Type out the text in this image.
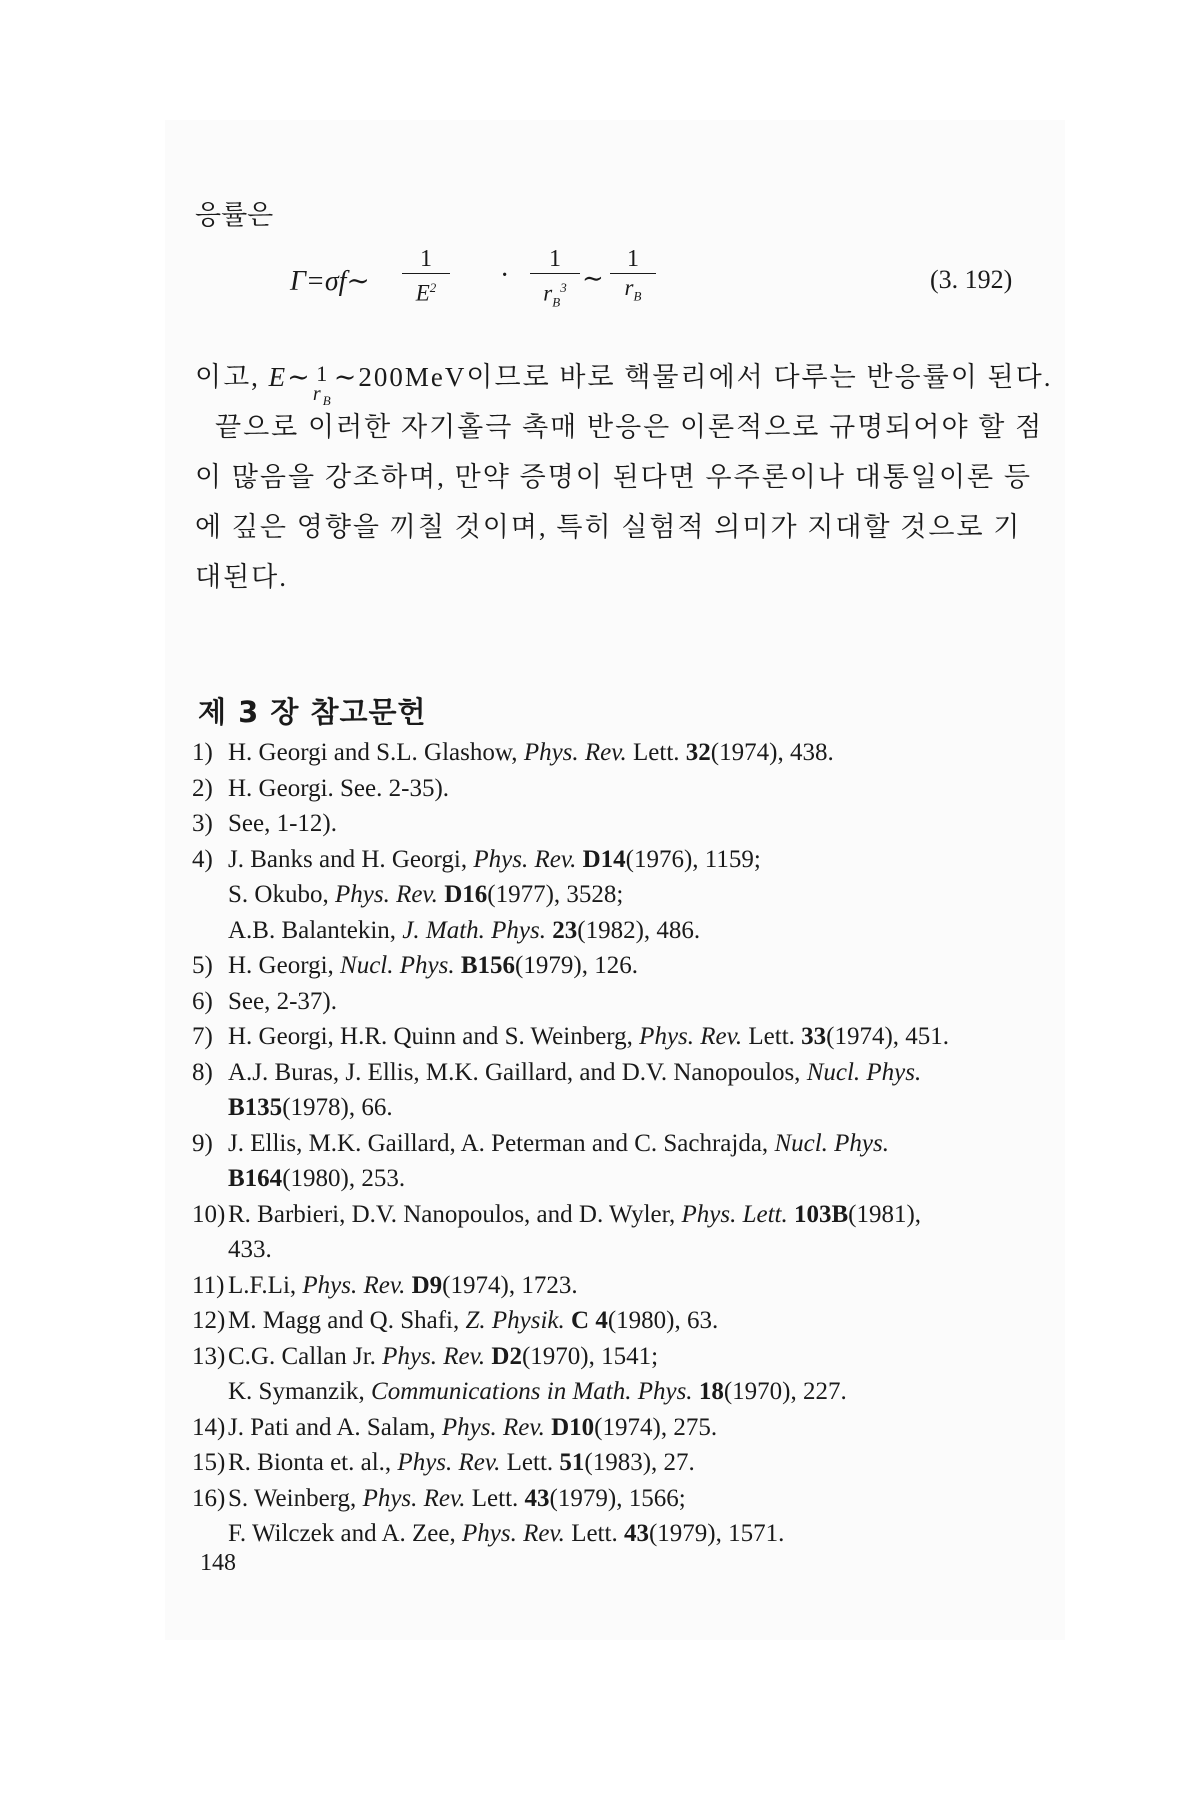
응률은
Γ=σf∼
1
$E^2$	·
1
$r_B^3$ ∼
1
$r_B$
(3. 192)
이고, E∼ 1
$r_B$
∼200MeV이므로 바로 핵물리에서 다루는 반응률이 된다.
끝으로 이러한 자기홀극 촉매 반응은 이론적으로 규명되어야 할 점
이 많음을 강조하며, 만약 증명이 된다면 우주론이나 대통일이론 등
에 깊은 영향을 끼칠 것이며, 특히 실험적 의미가 지대할 것으로 기
대된다.
제 3 장 참고문헌
1) H. Georgi and S.L. Glashow, Phys. Rev. Lett. 32(1974), 438.
2) H. Georgi. See. 2-35).
3) See, 1-12).
4) J. Banks and H. Georgi, Phys. Rev. D14(1976), 1159;
S. Okubo, Phys. Rev. D16(1977), 3528;
A.B. Balantekin, J. Math. Phys. 23(1982), 486.
5) H. Georgi, Nucl. Phys. B156(1979), 126.
6) See, 2-37).
7) H. Georgi, H.R. Quinn and S. Weinberg, Phys. Rev. Lett. 33(1974), 451.
8) A.J. Buras, J. Ellis, M.K. Gaillard, and D.V. Nanopoulos, Nucl. Phys.
B135(1978), 66.
9) J. Ellis, M.K. Gaillard, A. Peterman and C. Sachrajda, Nucl. Phys.
B164(1980), 253.
10) R. Barbieri, D.V. Nanopoulos, and D. Wyler, Phys. Lett. 103B(1981),
433.
11) L.F.Li, Phys. Rev. D9(1974), 1723.
12) M. Magg and Q. Shafi, Z. Physik. C 4(1980), 63.
13) C.G. Callan Jr. Phys. Rev. D2(1970), 1541;
K. Symanzik, Communications in Math. Phys. 18(1970), 227.
14) J. Pati and A. Salam, Phys. Rev. D10(1974), 275.
15) R. Bionta et. al., Phys. Rev. Lett. 51(1983), 27.
16) S. Weinberg, Phys. Rev. Lett. 43(1979), 1566;
F. Wilczek and A. Zee, Phys. Rev. Lett. 43(1979), 1571.
148
